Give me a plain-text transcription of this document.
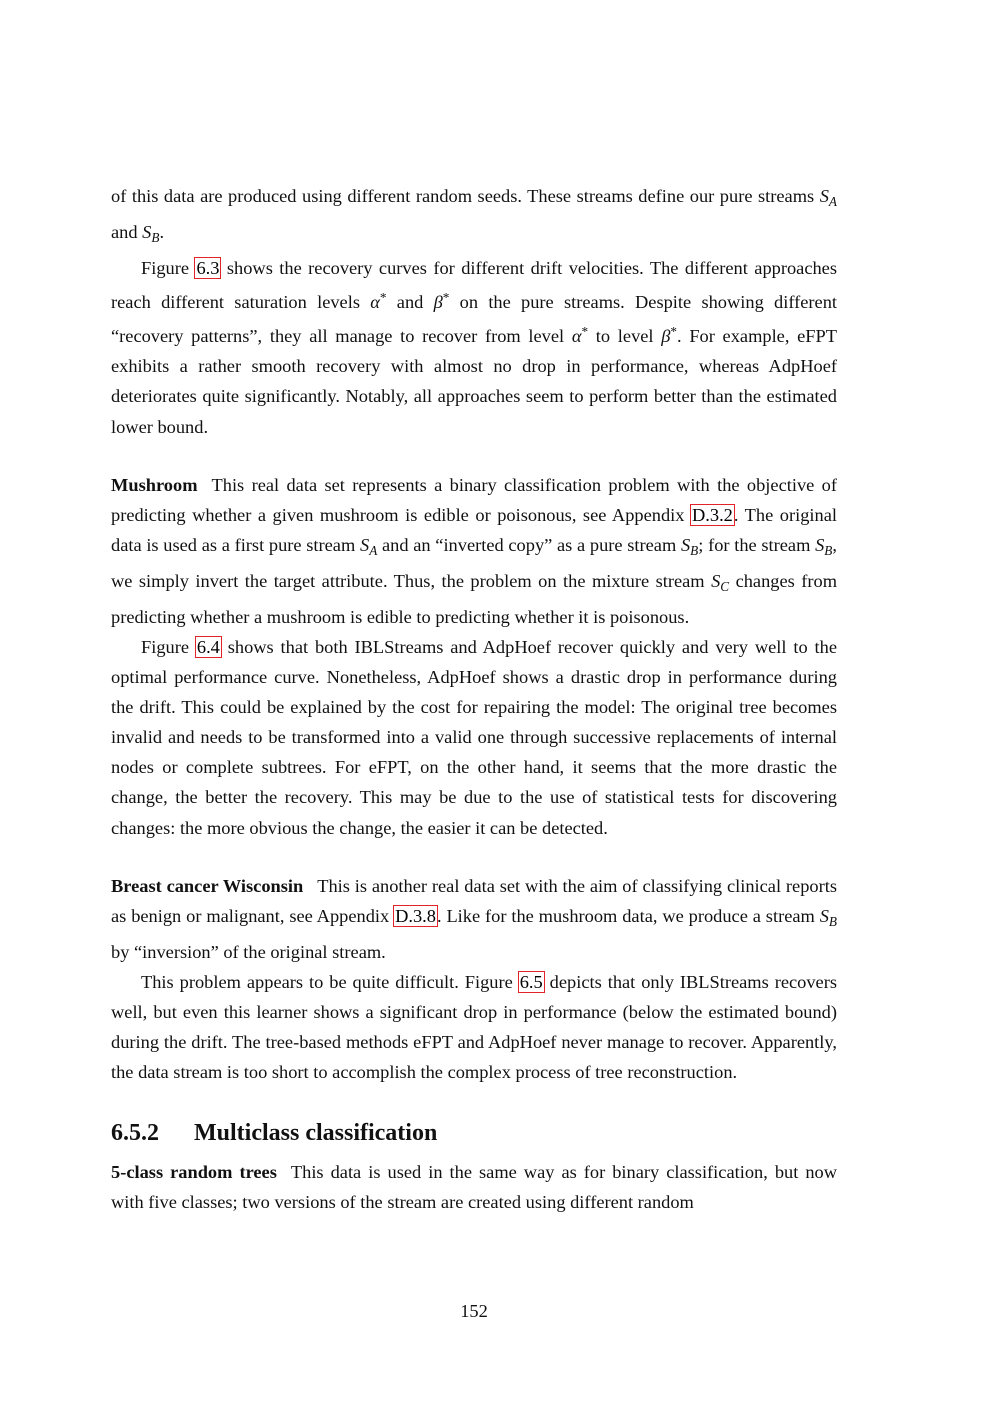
of this data are produced using different random seeds. These streams define our pure streams $S_A$ and $S_B$.

Figure 6.3 shows the recovery curves for different drift velocities. The different approaches reach different saturation levels α* and β* on the pure streams. Despite showing different “recovery patterns”, they all manage to recover from level α* to level β*. For example, eFPT exhibits a rather smooth recovery with almost no drop in performance, whereas AdpHoef deteriorates quite significantly. Notably, all approaches seem to perform better than the estimated lower bound.

Mushroom This real data set represents a binary classification problem with the objective of predicting whether a given mushroom is edible or poisonous, see Appendix D.3.2. The original data is used as a first pure stream $S_A$ and an “inverted copy” as a pure stream $S_B$; for the stream $S_B$, we simply invert the target attribute. Thus, the problem on the mixture stream $S_C$ changes from predicting whether a mushroom is edible to predicting whether it is poisonous.

Figure 6.4 shows that both IBLStreams and AdpHoef recover quickly and very well to the optimal performance curve. Nonetheless, AdpHoef shows a drastic drop in performance during the drift. This could be explained by the cost for repairing the model: The original tree becomes invalid and needs to be transformed into a valid one through successive replacements of internal nodes or complete subtrees. For eFPT, on the other hand, it seems that the more drastic the change, the better the recovery. This may be due to the use of statistical tests for discovering changes: the more obvious the change, the easier it can be detected.

Breast cancer Wisconsin This is another real data set with the aim of classifying clinical reports as benign or malignant, see Appendix D.3.8. Like for the mushroom data, we produce a stream $S_B$ by “inversion” of the original stream.

This problem appears to be quite difficult. Figure 6.5 depicts that only IBLStreams recovers well, but even this learner shows a significant drop in performance (below the estimated bound) during the drift. The tree-based methods eFPT and AdpHoef never manage to recover. Apparently, the data stream is too short to accomplish the complex process of tree reconstruction.

6.5.2 Multiclass classification

5-class random trees This data is used in the same way as for binary classification, but now with five classes; two versions of the stream are created using different random

152
